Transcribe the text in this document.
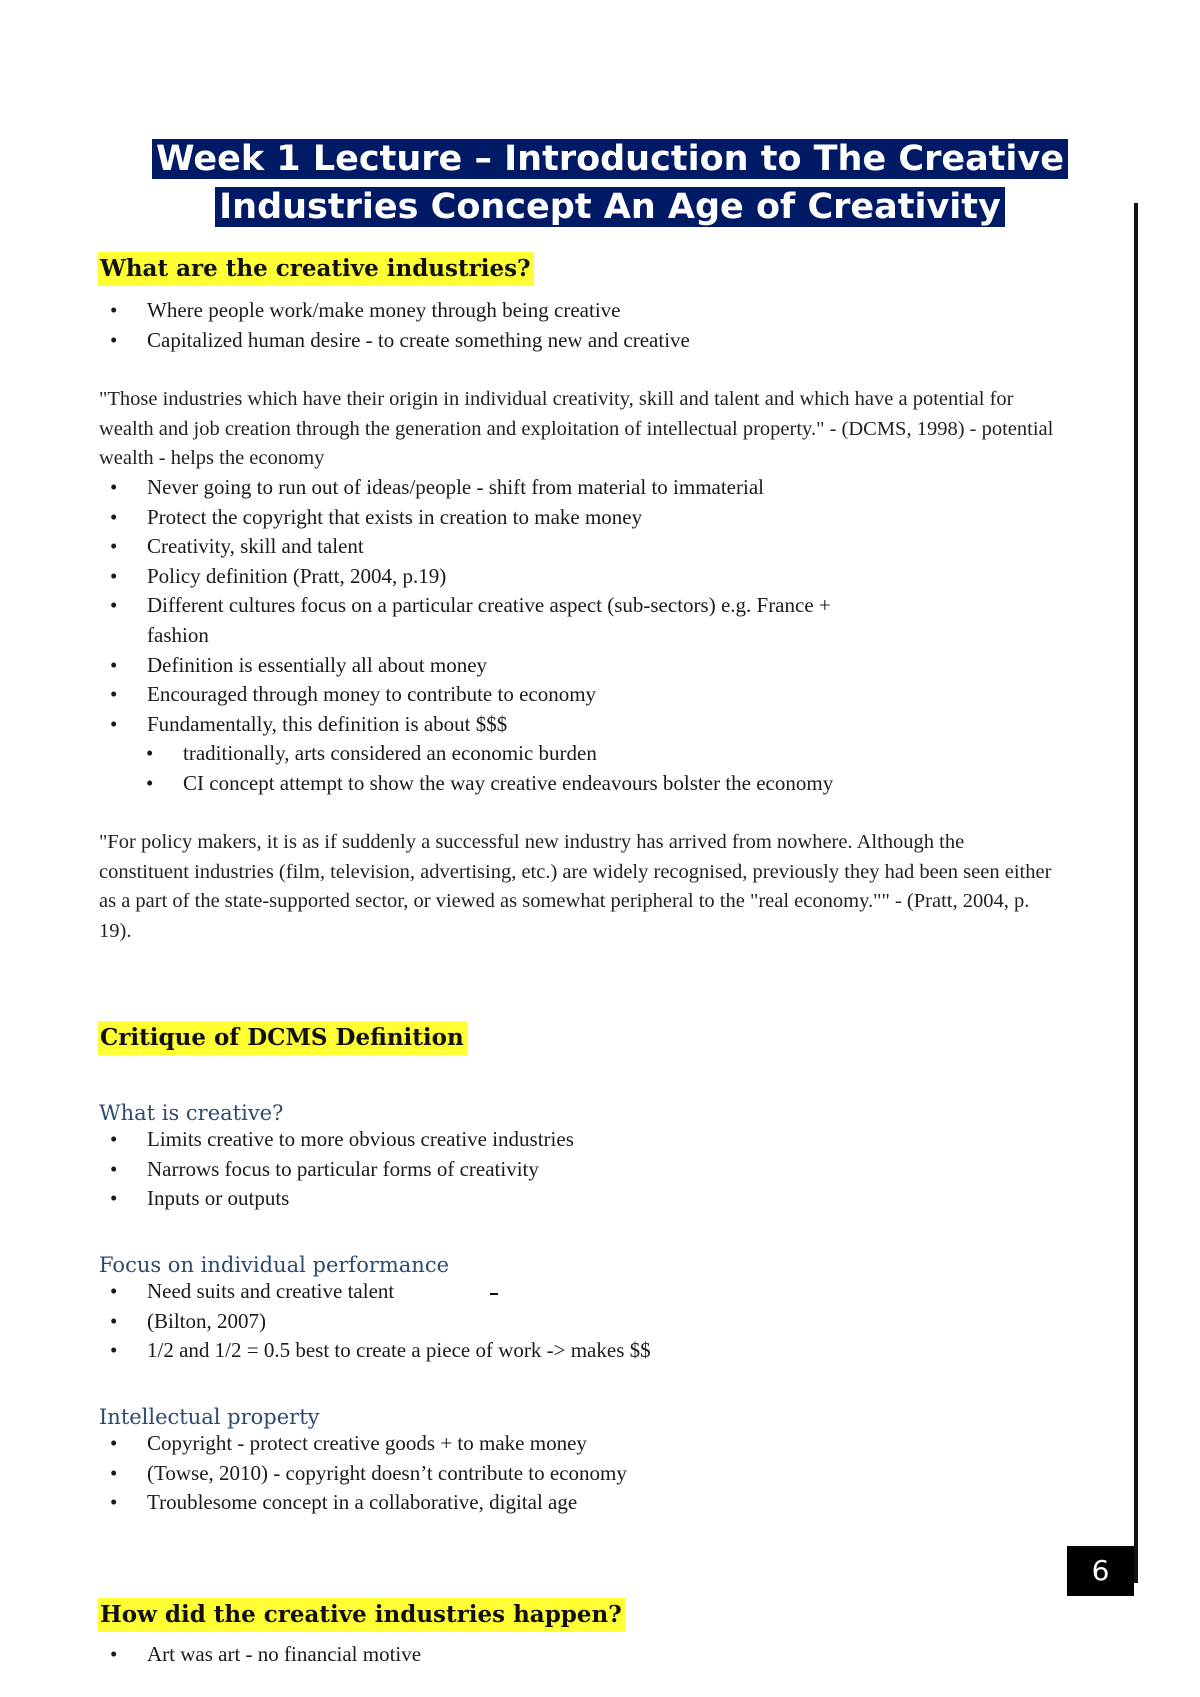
6
Week 1 Lecture – Introduction to The Creative
Industries Concept An Age of Creativity
What are the creative industries?
• Where people work/make money through being creative
• Capitalized human desire - to create something new and creative

"Those industries which have their origin in individual creativity, skill and talent and which have a potential for wealth and job creation through the generation and exploitation of intellectual property." - (DCMS, 1998) - potential wealth - helps the economy

• Never going to run out of ideas/people - shift from material to immaterial
• Protect the copyright that exists in creation to make money
• Creativity, skill and talent
• Policy definition (Pratt, 2004, p.19)
• Different cultures focus on a particular creative aspect (sub-sectors) e.g. France + fashion
• Definition is essentially all about money
• Encouraged through money to contribute to economy
• Fundamentally, this definition is about $$$
• traditionally, arts considered an economic burden
• CI concept attempt to show the way creative endeavours bolster the economy

"For policy makers, it is as if suddenly a successful new industry has arrived from nowhere. Although the constituent industries (film, television, advertising, etc.) are widely recognised, previously they had been seen either as a part of the state-supported sector, or viewed as somewhat peripheral to the "real economy."" - (Pratt, 2004, p. 19).

Critique of DCMS Definition
What is creative?
• Limits creative to more obvious creative industries
• Narrows focus to particular forms of creativity
• Inputs or outputs
Focus on individual performance
• Need suits and creative talent
• (Bilton, 2007)
• 1/2 and 1/2 = 0.5 best to create a piece of work -> makes $$
Intellectual property
• Copyright - protect creative goods + to make money
• (Towse, 2010) - copyright doesn’t contribute to economy
• Troublesome concept in a collaborative, digital age
How did the creative industries happen?
• Art was art - no financial motive
